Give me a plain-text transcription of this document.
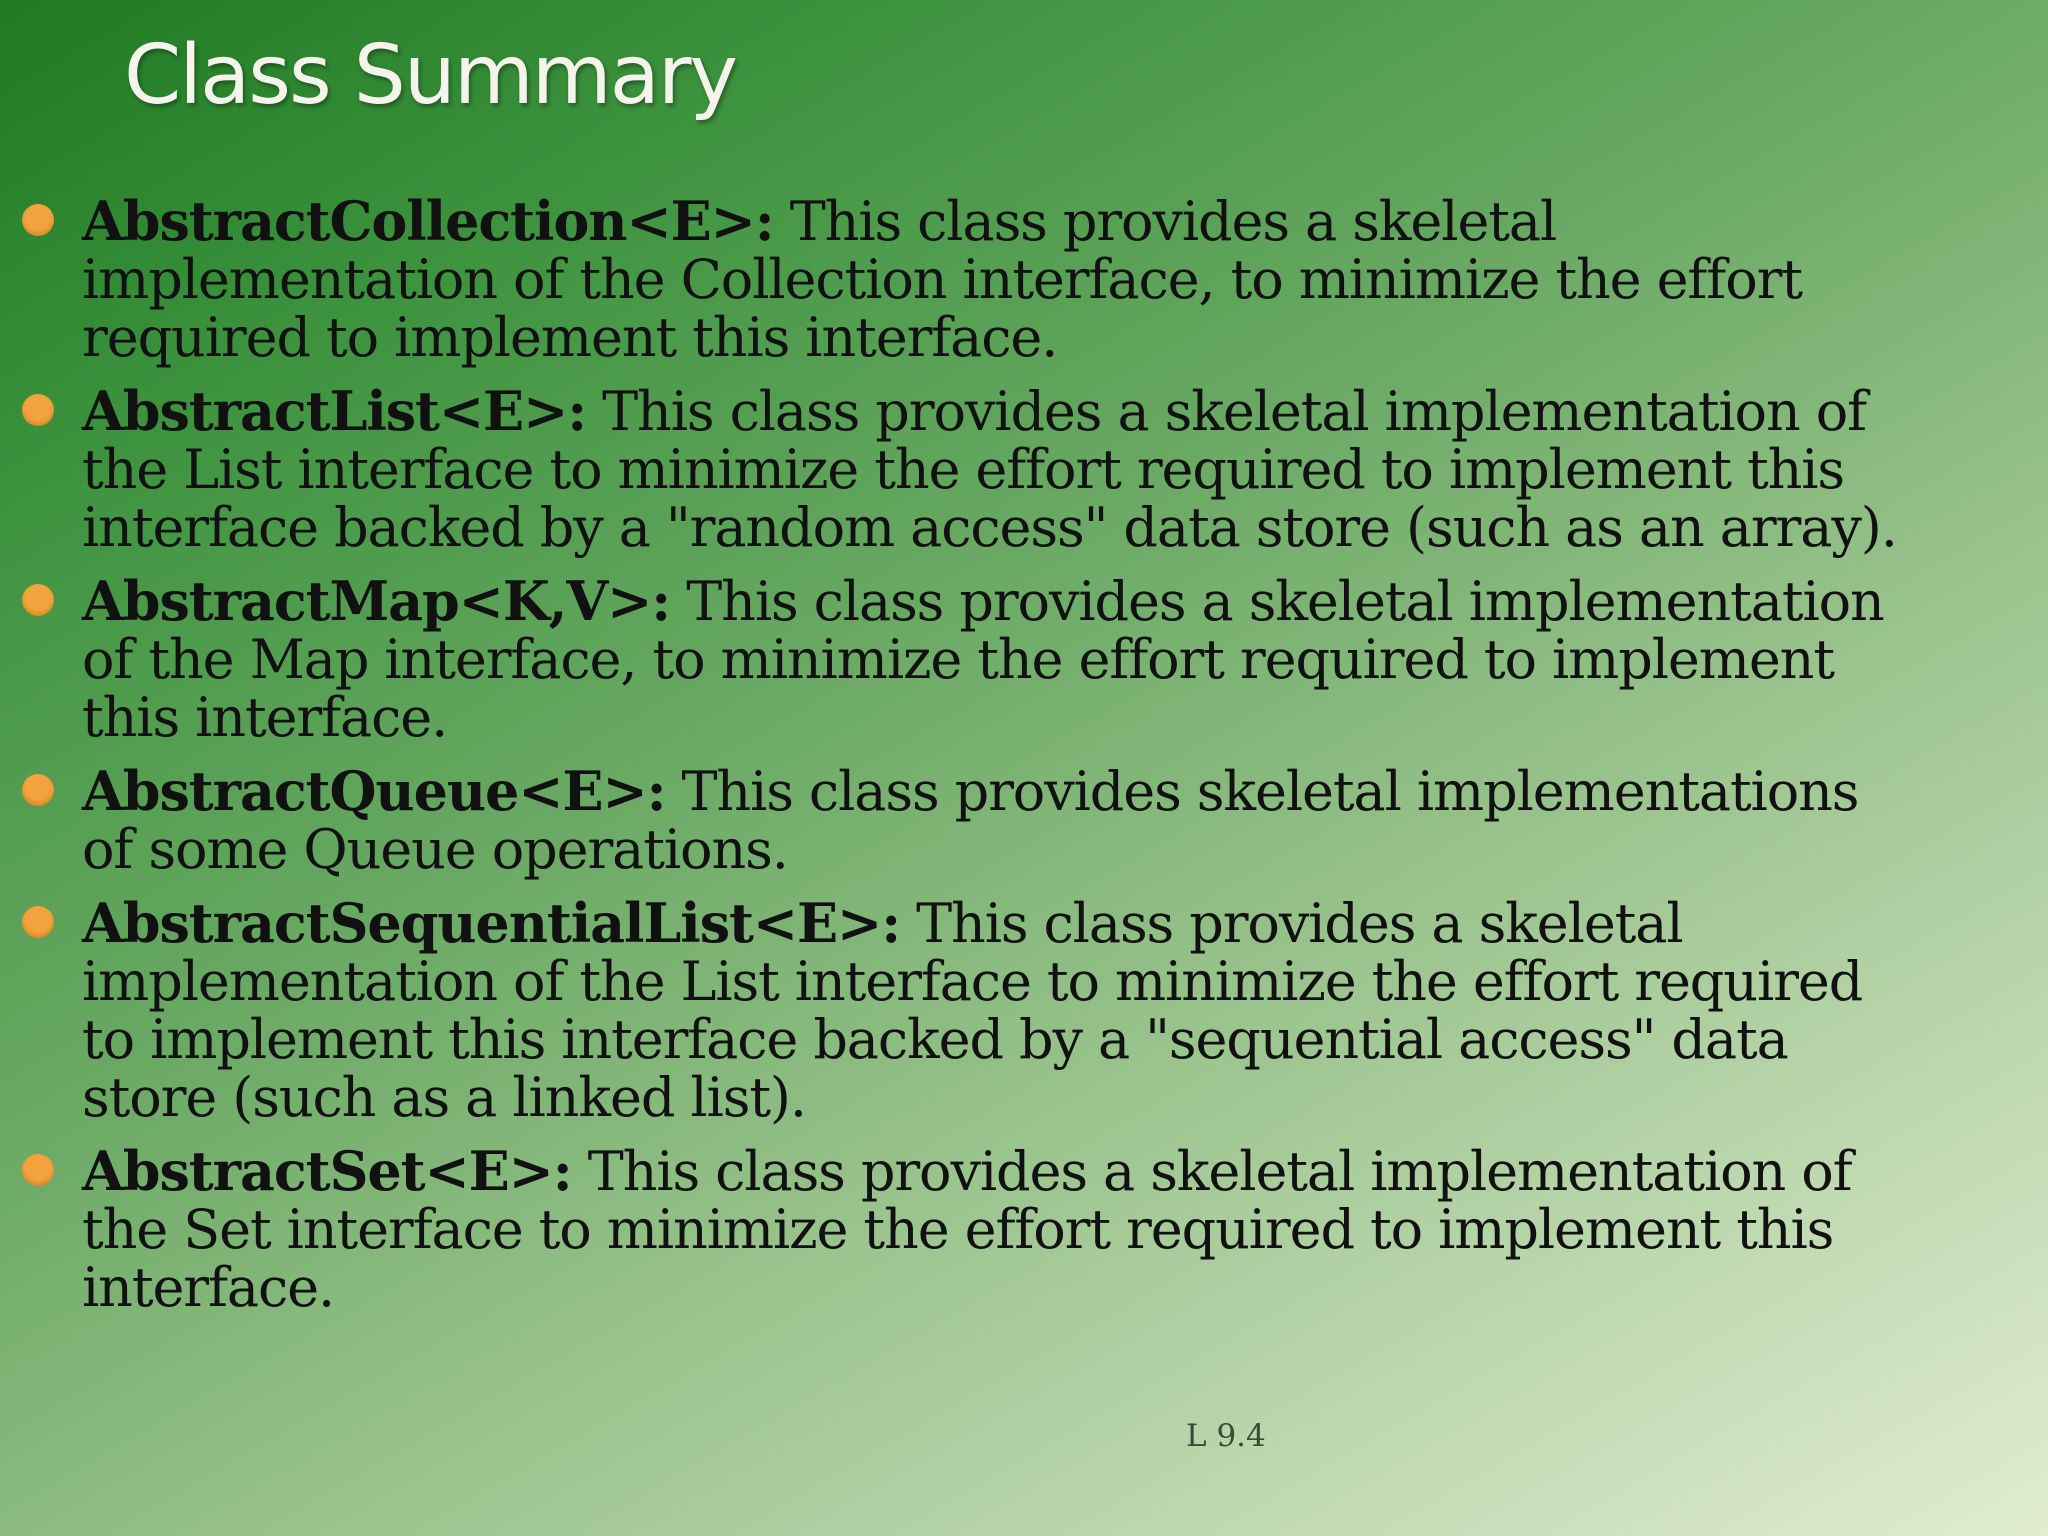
Class Summary
AbstractCollection<E>: This class provides a skeletal implementation of the Collection interface, to minimize the effort required to implement this interface.
AbstractList<E>: This class provides a skeletal implementation of the List interface to minimize the effort required to implement this interface backed by a "random access" data store (such as an array).
AbstractMap<K,V>: This class provides a skeletal implementation of the Map interface, to minimize the effort required to implement this interface.
AbstractQueue<E>: This class provides skeletal implementations of some Queue operations.
AbstractSequentialList<E>: This class provides a skeletal implementation of the List interface to minimize the effort required to implement this interface backed by a "sequential access" data store (such as a linked list).
AbstractSet<E>: This class provides a skeletal implementation of the Set interface to minimize the effort required to implement this interface.
L 9.4
